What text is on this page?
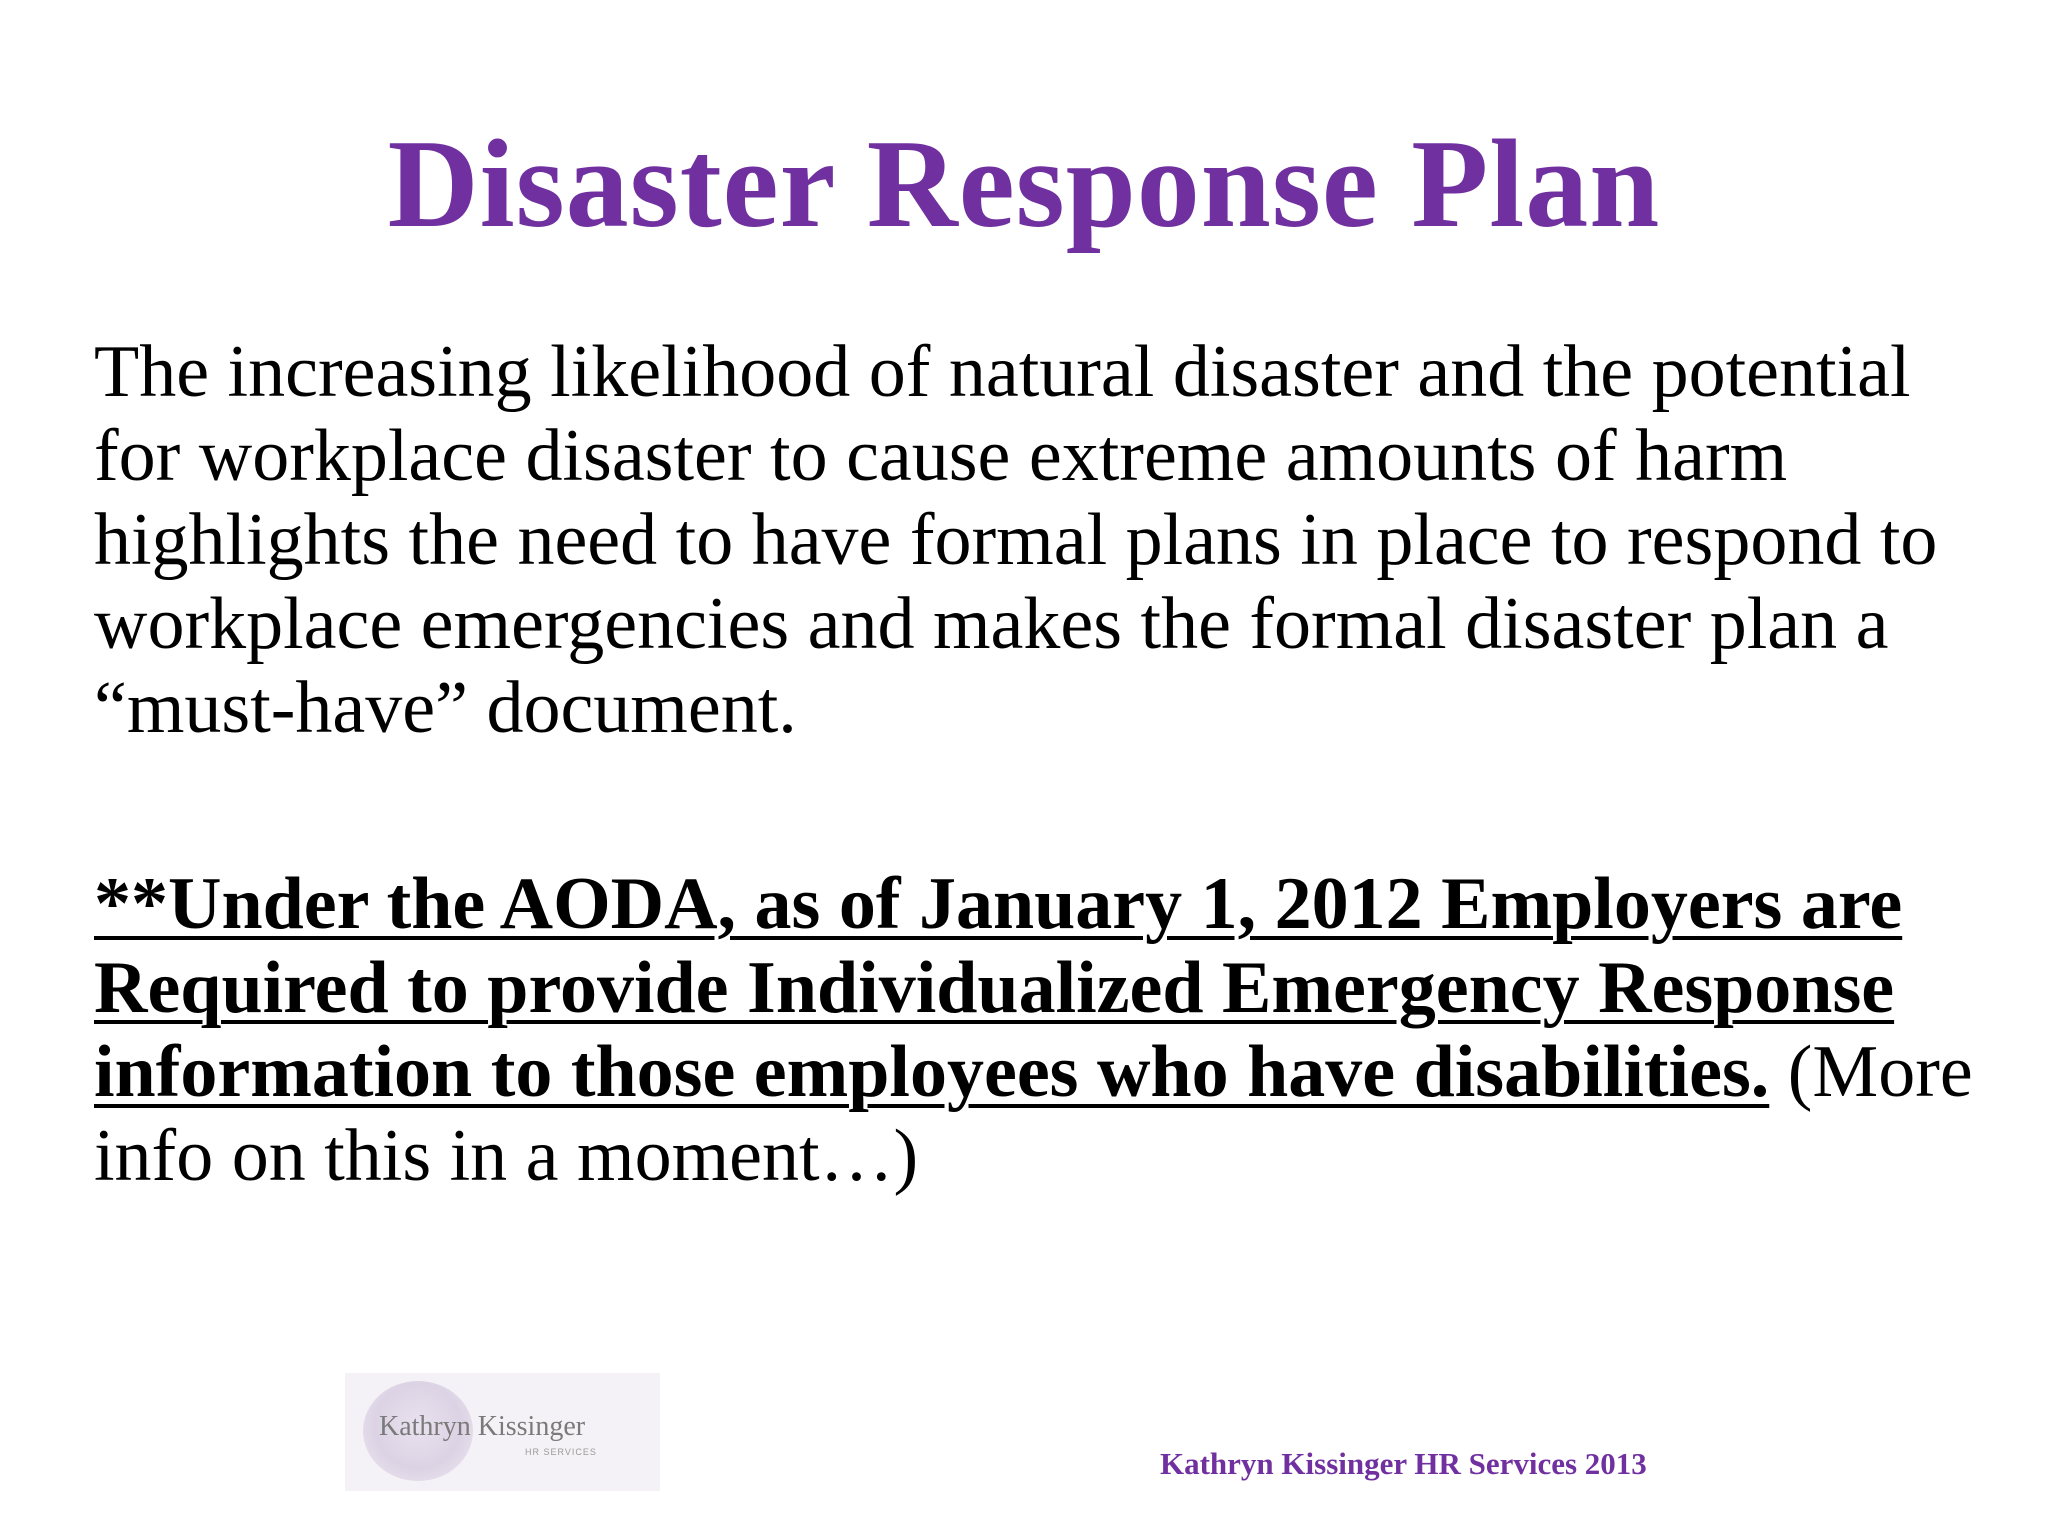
Disaster Response Plan

The increasing likelihood of natural disaster and the potential for workplace disaster to cause extreme amounts of harm highlights the need to have formal plans in place to respond to workplace emergencies and makes the formal disaster plan a “must-have” document.

**Under the AODA, as of January 1, 2012 Employers are Required to provide Individualized Emergency Response information to those employees who have disabilities. (More info on this in a moment…)

Kathryn Kissinger
HR SERVICES	Kathryn Kissinger HR Services 2013
